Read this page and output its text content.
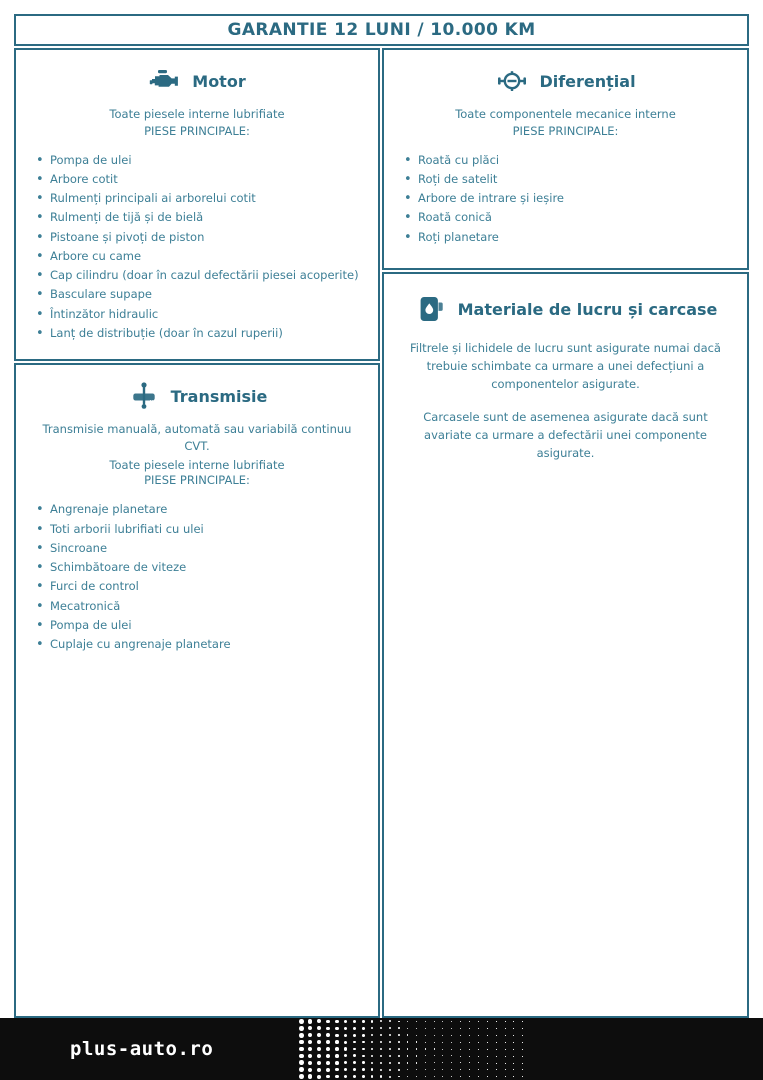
GARANTIE 12 LUNI / 10.000 KM
Motor
Toate piesele interne lubrifiate
PIESE PRINCIPALE:
• Pompa de ulei
• Arbore cotit
• Rulmenți principali ai arborelui cotit
• Rulmenți de tijă și de bielă
• Pistoane și pivoți de piston
• Arbore cu came
• Cap cilindru (doar în cazul defectării piesei acoperite)
• Basculare supape
• Întinzător hidraulic
• Lanț de distribuție (doar în cazul ruperii)
R
N Transmisie
Transmisie manuală, automată sau variabilă continuu CVT.
Toate piesele interne lubrifiate
PIESE PRINCIPALE:
• Angrenaje planetare
• Toti arborii lubrifiati cu ulei
• Sincroane
• Schimbătoare de viteze
• Furci de control
• Mecatronică
• Pompa de ulei
• Cuplaje cu angrenaje planetare
Diferențial
Toate componentele mecanice interne
PIESE PRINCIPALE:
• Roată cu plăci
• Roți de satelit
• Arbore de intrare și ieșire
• Roată conică
• Roți planetare
Materiale de lucru și carcase
Filtrele și lichidele de lucru sunt asigurate numai dacă trebuie schimbate ca urmare a unei defecțiuni a componentelor asigurate.
Carcasele sunt de asemenea asigurate dacă sunt avariate ca urmare a defectării unei componente asigurate.
plus-auto.ro
